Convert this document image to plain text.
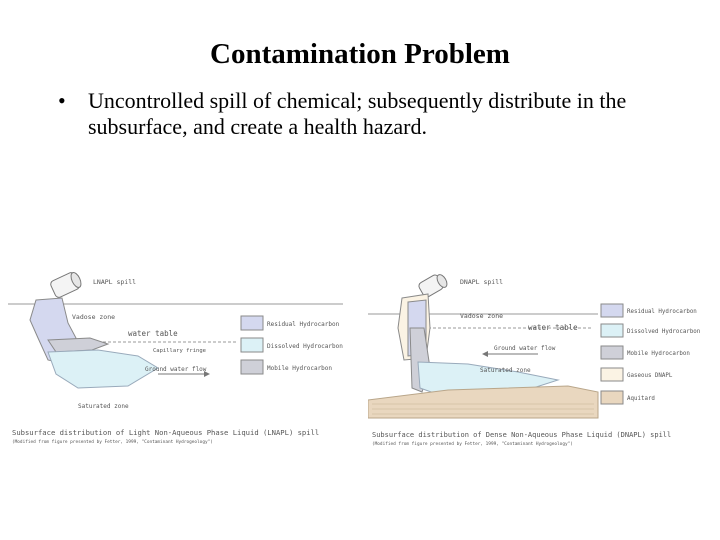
Contamination Problem
• Uncontrolled spill of chemical; subsequently distribute in the subsurface, and create a health hazard.
LNAPL spill
Vadose zone
water table
Capillary fringe
Ground water flow
Saturated zone
Residual Hydrocarbon
Dissolved Hydrocarbon
Mobile Hydrocarbon
Subsurface distribution of Light Non-Aqueous Phase Liquid (LNAPL) spill
(Modified from figure presented by Fetter, 1999, "Contaminant Hydrogeology")
DNAPL spill
Vadose zone
water table
Ground water flow
Saturated zone
Residual Hydrocarbon
Dissolved Hydrocarbon
Mobile Hydrocarbon
Gaseous DNAPL
Aquitard
Subsurface distribution of Dense Non-Aqueous Phase Liquid (DNAPL) spill
(Modified from figure presented by Fetter, 1999, "Contaminant Hydrogeology")
